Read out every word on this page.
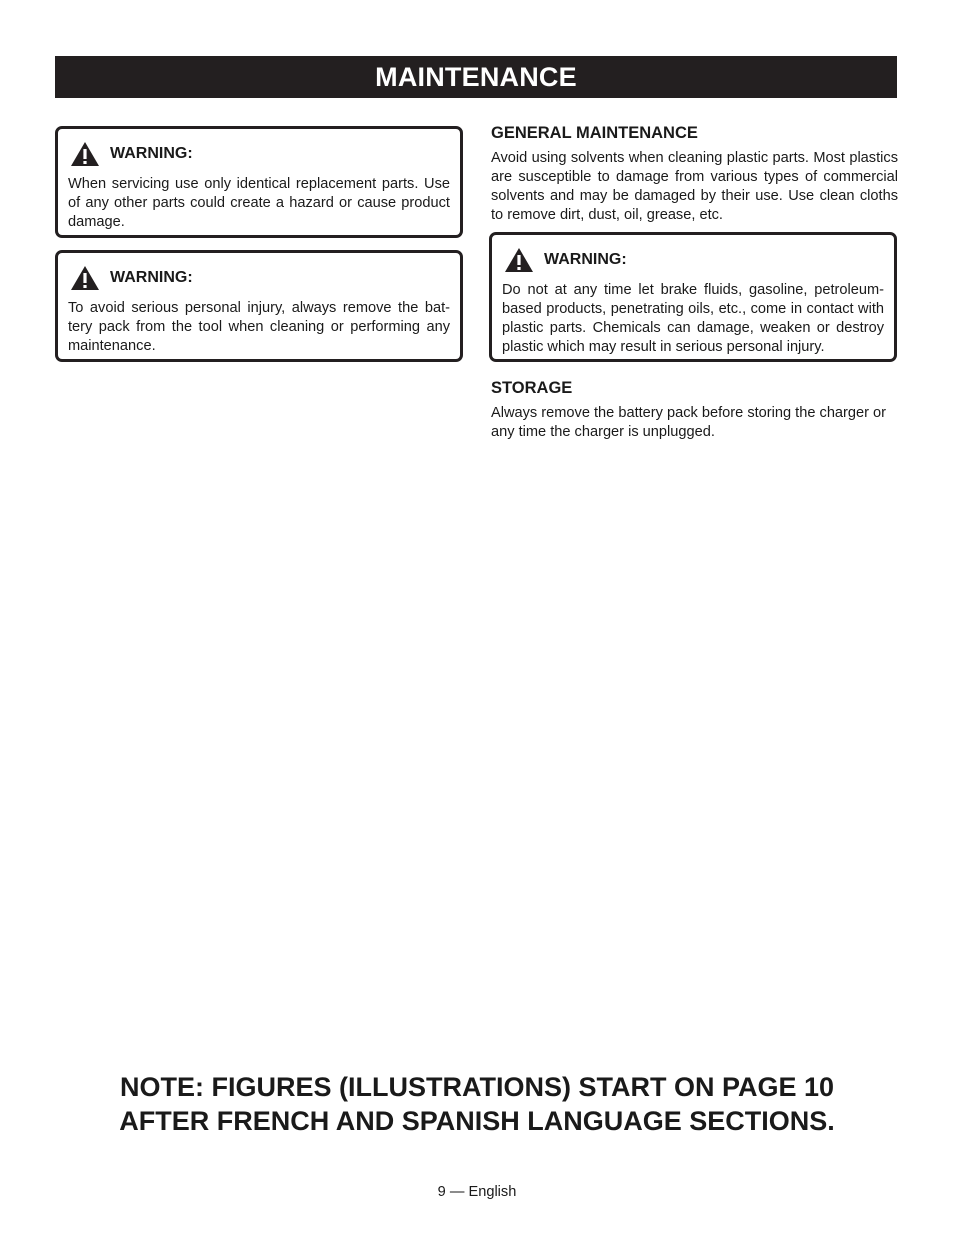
MAINTENANCE
WARNING:
When servicing use only identical replacement parts. Use of any other parts could create a hazard or cause product damage.
WARNING:
To avoid serious personal injury, always remove the bat-tery pack from the tool when cleaning or performing any maintenance.
GENERAL MAINTENANCE
Avoid using solvents when cleaning plastic parts. Most plastics are susceptible to damage from various types of commercial solvents and may be damaged by their use. Use clean cloths to remove dirt, dust, oil, grease, etc.
WARNING:
Do not at any time let brake fluids, gasoline, petroleum-based products, penetrating oils, etc., come in contact with plastic parts. Chemicals can damage, weaken or destroy plastic which may result in serious personal injury.
STORAGE
Always remove the battery pack before storing the charger or any time the charger is unplugged.
NOTE: FIGURES (ILLUSTRATIONS) START ON PAGE 10
AFTER FRENCH AND SPANISH LANGUAGE SECTIONS.
9 — English
